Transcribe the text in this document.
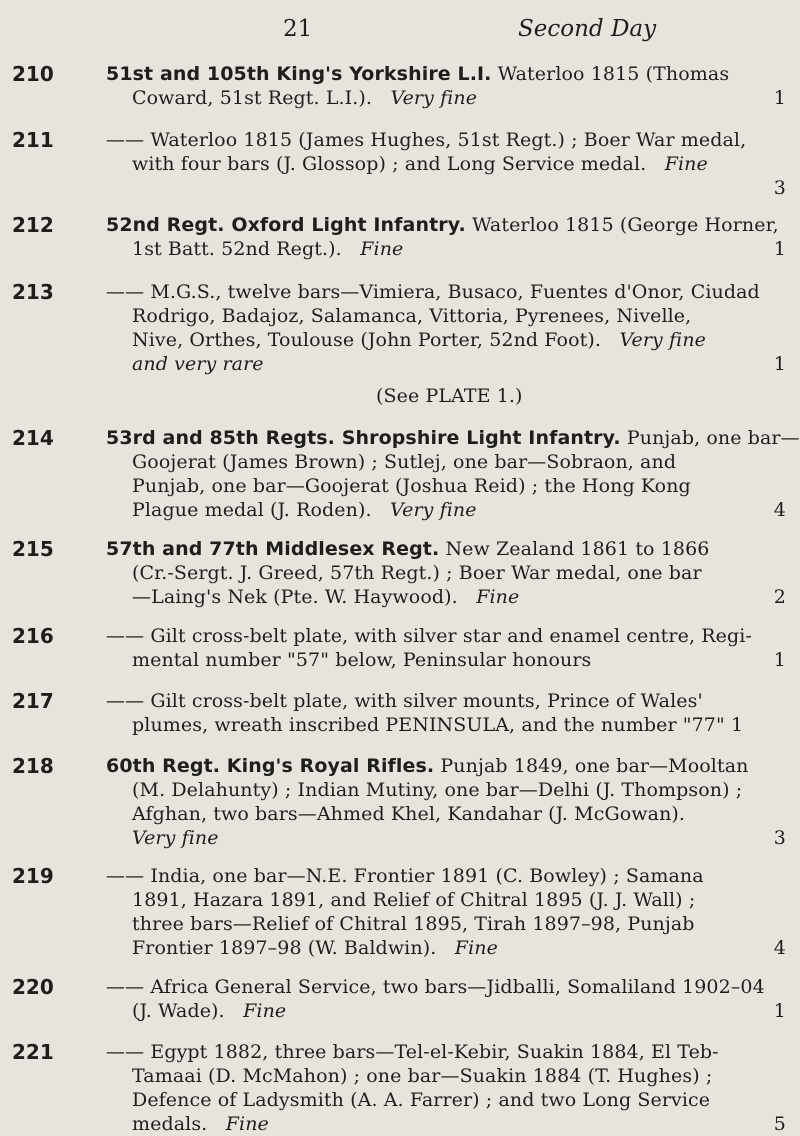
21	Second Day
210	51st and 105th King's Yorkshire L.I. Waterloo 1815 (Thomas
Coward, 51st Regt. L.I.). Very fine	1
211	—— Waterloo 1815 (James Hughes, 51st Regt.) ; Boer War medal,
with four bars (J. Glossop) ; and Long Service medal. Fine
3
212	52nd Regt. Oxford Light Infantry. Waterloo 1815 (George Horner,
1st Batt. 52nd Regt.). Fine	1
213	—— M.G.S., twelve bars—Vimiera, Busaco, Fuentes d'Onor, Ciudad
Rodrigo, Badajoz, Salamanca, Vittoria, Pyrenees, Nivelle,
Nive, Orthes, Toulouse (John Porter, 52nd Foot). Very fine
and very rare	1
(See PLATE 1.)
214	53rd and 85th Regts. Shropshire Light Infantry. Punjab, one bar—
Goojerat (James Brown) ; Sutlej, one bar—Sobraon, and
Punjab, one bar—Goojerat (Joshua Reid) ; the Hong Kong
Plague medal (J. Roden). Very fine	4
215	57th and 77th Middlesex Regt. New Zealand 1861 to 1866
(Cr.-Sergt. J. Greed, 57th Regt.) ; Boer War medal, one bar
—Laing's Nek (Pte. W. Haywood). Fine	2
216	—— Gilt cross-belt plate, with silver star and enamel centre, Regi-
mental number "57" below, Peninsular honours	1
217	—— Gilt cross-belt plate, with silver mounts, Prince of Wales'
plumes, wreath inscribed PENINSULA, and the number "77" 1
218	60th Regt. King's Royal Rifles. Punjab 1849, one bar—Mooltan
(M. Delahunty) ; Indian Mutiny, one bar—Delhi (J. Thompson) ;
Afghan, two bars—Ahmed Khel, Kandahar (J. McGowan).
Very fine	3
219	—— India, one bar—N.E. Frontier 1891 (C. Bowley) ; Samana
1891, Hazara 1891, and Relief of Chitral 1895 (J. J. Wall) ;
three bars—Relief of Chitral 1895, Tirah 1897–98, Punjab
Frontier 1897–98 (W. Baldwin). Fine	4
220	—— Africa General Service, two bars—Jidballi, Somaliland 1902–04
(J. Wade). Fine	1
221	—— Egypt 1882, three bars—Tel-el-Kebir, Suakin 1884, El Teb-
Tamaai (D. McMahon) ; one bar—Suakin 1884 (T. Hughes) ;
Defence of Ladysmith (A. A. Farrer) ; and two Long Service
medals. Fine	5
